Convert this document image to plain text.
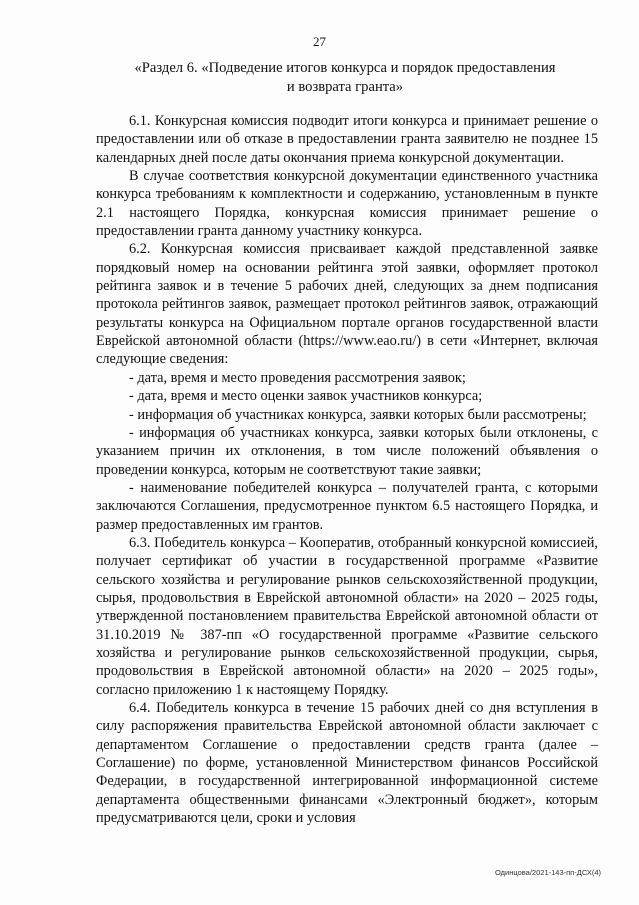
27
«Раздел 6. «Подведение итогов конкурса и порядок предоставления
и возврата гранта»

6.1. Конкурсная комиссия подводит итоги конкурса и принимает решение о предоставлении или об отказе в предоставлении гранта заявителю не позднее 15 календарных дней после даты окончания приема конкурсной документации.

В случае соответствия конкурсной документации единственного участника конкурса требованиям к комплектности и содержанию, установленным в пункте 2.1 настоящего Порядка, конкурсная комиссия принимает решение о предоставлении гранта данному участнику конкурса.

6.2. Конкурсная комиссия присваивает каждой представленной заявке порядковый номер на основании рейтинга этой заявки, оформляет протокол рейтинга заявок и в течение 5 рабочих дней, следующих за днем подписания протокола рейтингов заявок, размещает протокол рейтингов заявок, отражающий результаты конкурса на Официальном портале органов государственной власти Еврейской автономной области (https://www.eao.ru/) в сети «Интернет, включая следующие сведения:

- дата, время и место проведения рассмотрения заявок;

- дата, время и место оценки заявок участников конкурса;

- информация об участниках конкурса, заявки которых были рассмотрены;

- информация об участниках конкурса, заявки которых были отклонены, с указанием причин их отклонения, в том числе положений объявления о проведении конкурса, которым не соответствуют такие заявки;

- наименование победителей конкурса – получателей гранта, с которыми заключаются Соглашения, предусмотренное пунктом 6.5 настоящего Порядка, и размер предоставленных им грантов.

6.3. Победитель конкурса – Кооператив, отобранный конкурсной комиссией, получает сертификат об участии в государственной программе «Развитие сельского хозяйства и регулирование рынков сельскохозяйственной продукции, сырья, продовольствия в Еврейской автономной области» на 2020 – 2025 годы, утвержденной постановлением правительства Еврейской автономной области от 31.10.2019 № 387-пп «О государственной программе «Развитие сельского хозяйства и регулирование рынков сельскохозяйственной продукции, сырья, продовольствия в Еврейской автономной области» на 2020 – 2025 годы», согласно приложению 1 к настоящему Порядку.

6.4. Победитель конкурса в течение 15 рабочих дней со дня вступления в силу распоряжения правительства Еврейской автономной области заключает с департаментом Соглашение о предоставлении средств гранта (далее – Соглашение) по форме, установленной Министерством финансов Российской Федерации, в государственной интегрированной информационной системе департамента общественными финансами «Электронный бюджет», которым предусматриваются цели, сроки и условия

Одинцова/2021-143-пп-ДСХ(4)
